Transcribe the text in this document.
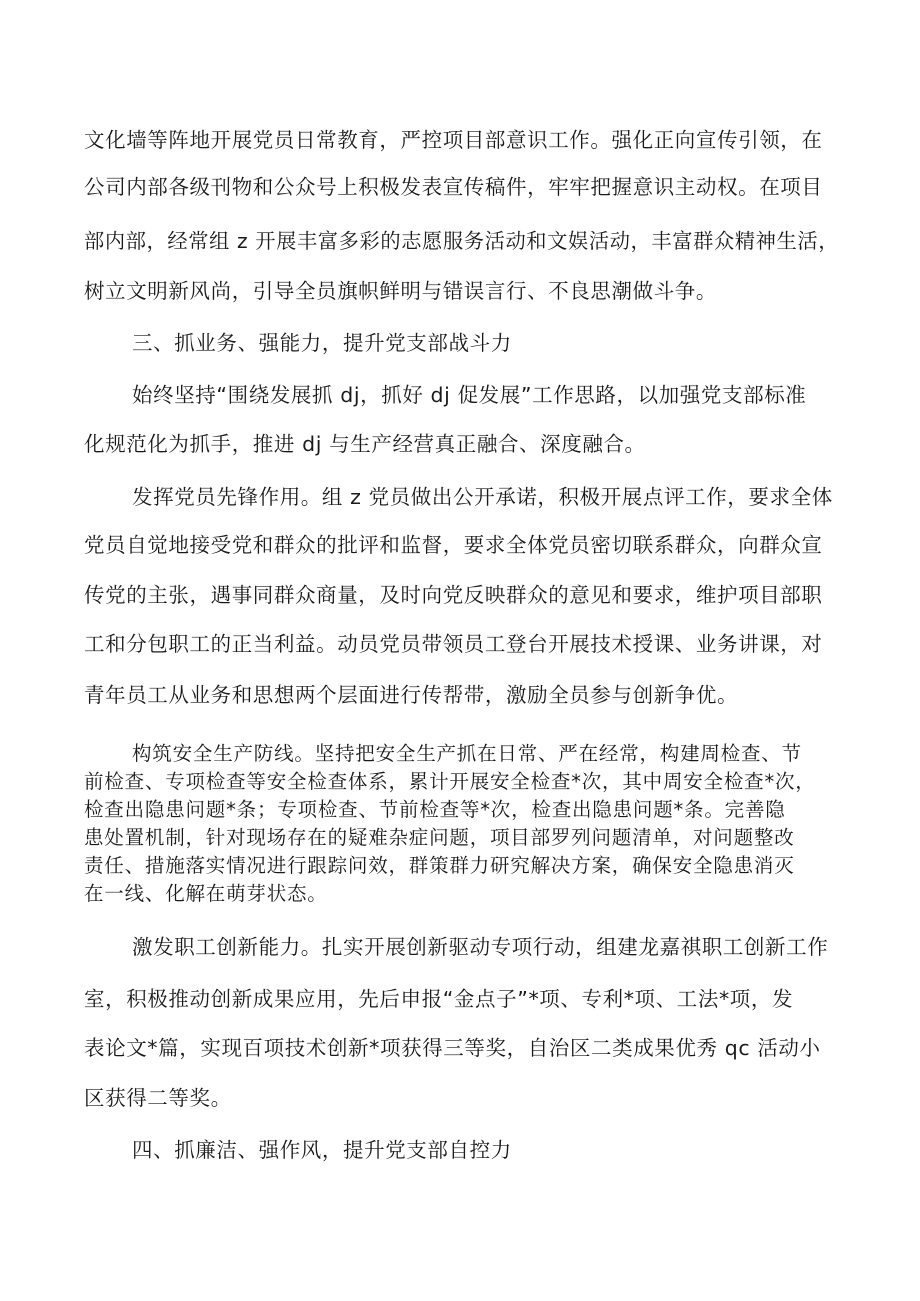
文化墙等阵地开展党员日常教育，严控项目部意识工作。强化正向宣传引领，在
公司内部各级刊物和公众号上积极发表宣传稿件，牢牢把握意识主动权。在项目
部内部，经常组 z 开展丰富多彩的志愿服务活动和文娱活动，丰富群众精神生活，
树立文明新风尚，引导全员旗帜鲜明与错误言行、不良思潮做斗争。
三、抓业务、强能力，提升党支部战斗力
始终坚持“围绕发展抓 dj，抓好 dj 促发展”工作思路，以加强党支部标准
化规范化为抓手，推进 dj 与生产经营真正融合、深度融合。
发挥党员先锋作用。组 z 党员做出公开承诺，积极开展点评工作，要求全体
党员自觉地接受党和群众的批评和监督，要求全体党员密切联系群众，向群众宣
传党的主张，遇事同群众商量，及时向党反映群众的意见和要求，维护项目部职
工和分包职工的正当利益。动员党员带领员工登台开展技术授课、业务讲课，对
青年员工从业务和思想两个层面进行传帮带，激励全员参与创新争优。
构筑安全生产防线。坚持把安全生产抓在日常、严在经常，构建周检查、节
前检查、专项检查等安全检查体系，累计开展安全检查*次，其中周安全检查*次，
检查出隐患问题*条；专项检查、节前检查等*次，检查出隐患问题*条。完善隐
患处置机制，针对现场存在的疑难杂症问题，项目部罗列问题清单，对问题整改
责任、措施落实情况进行跟踪问效，群策群力研究解决方案，确保安全隐患消灭
在一线、化解在萌芽状态。
激发职工创新能力。扎实开展创新驱动专项行动，组建龙嘉祺职工创新工作
室，积极推动创新成果应用，先后申报“金点子”*项、专利*项、工法*项，发
表论文*篇，实现百项技术创新*项获得三等奖，自治区二类成果优秀 qc 活动小
区获得二等奖。
四、抓廉洁、强作风，提升党支部自控力
